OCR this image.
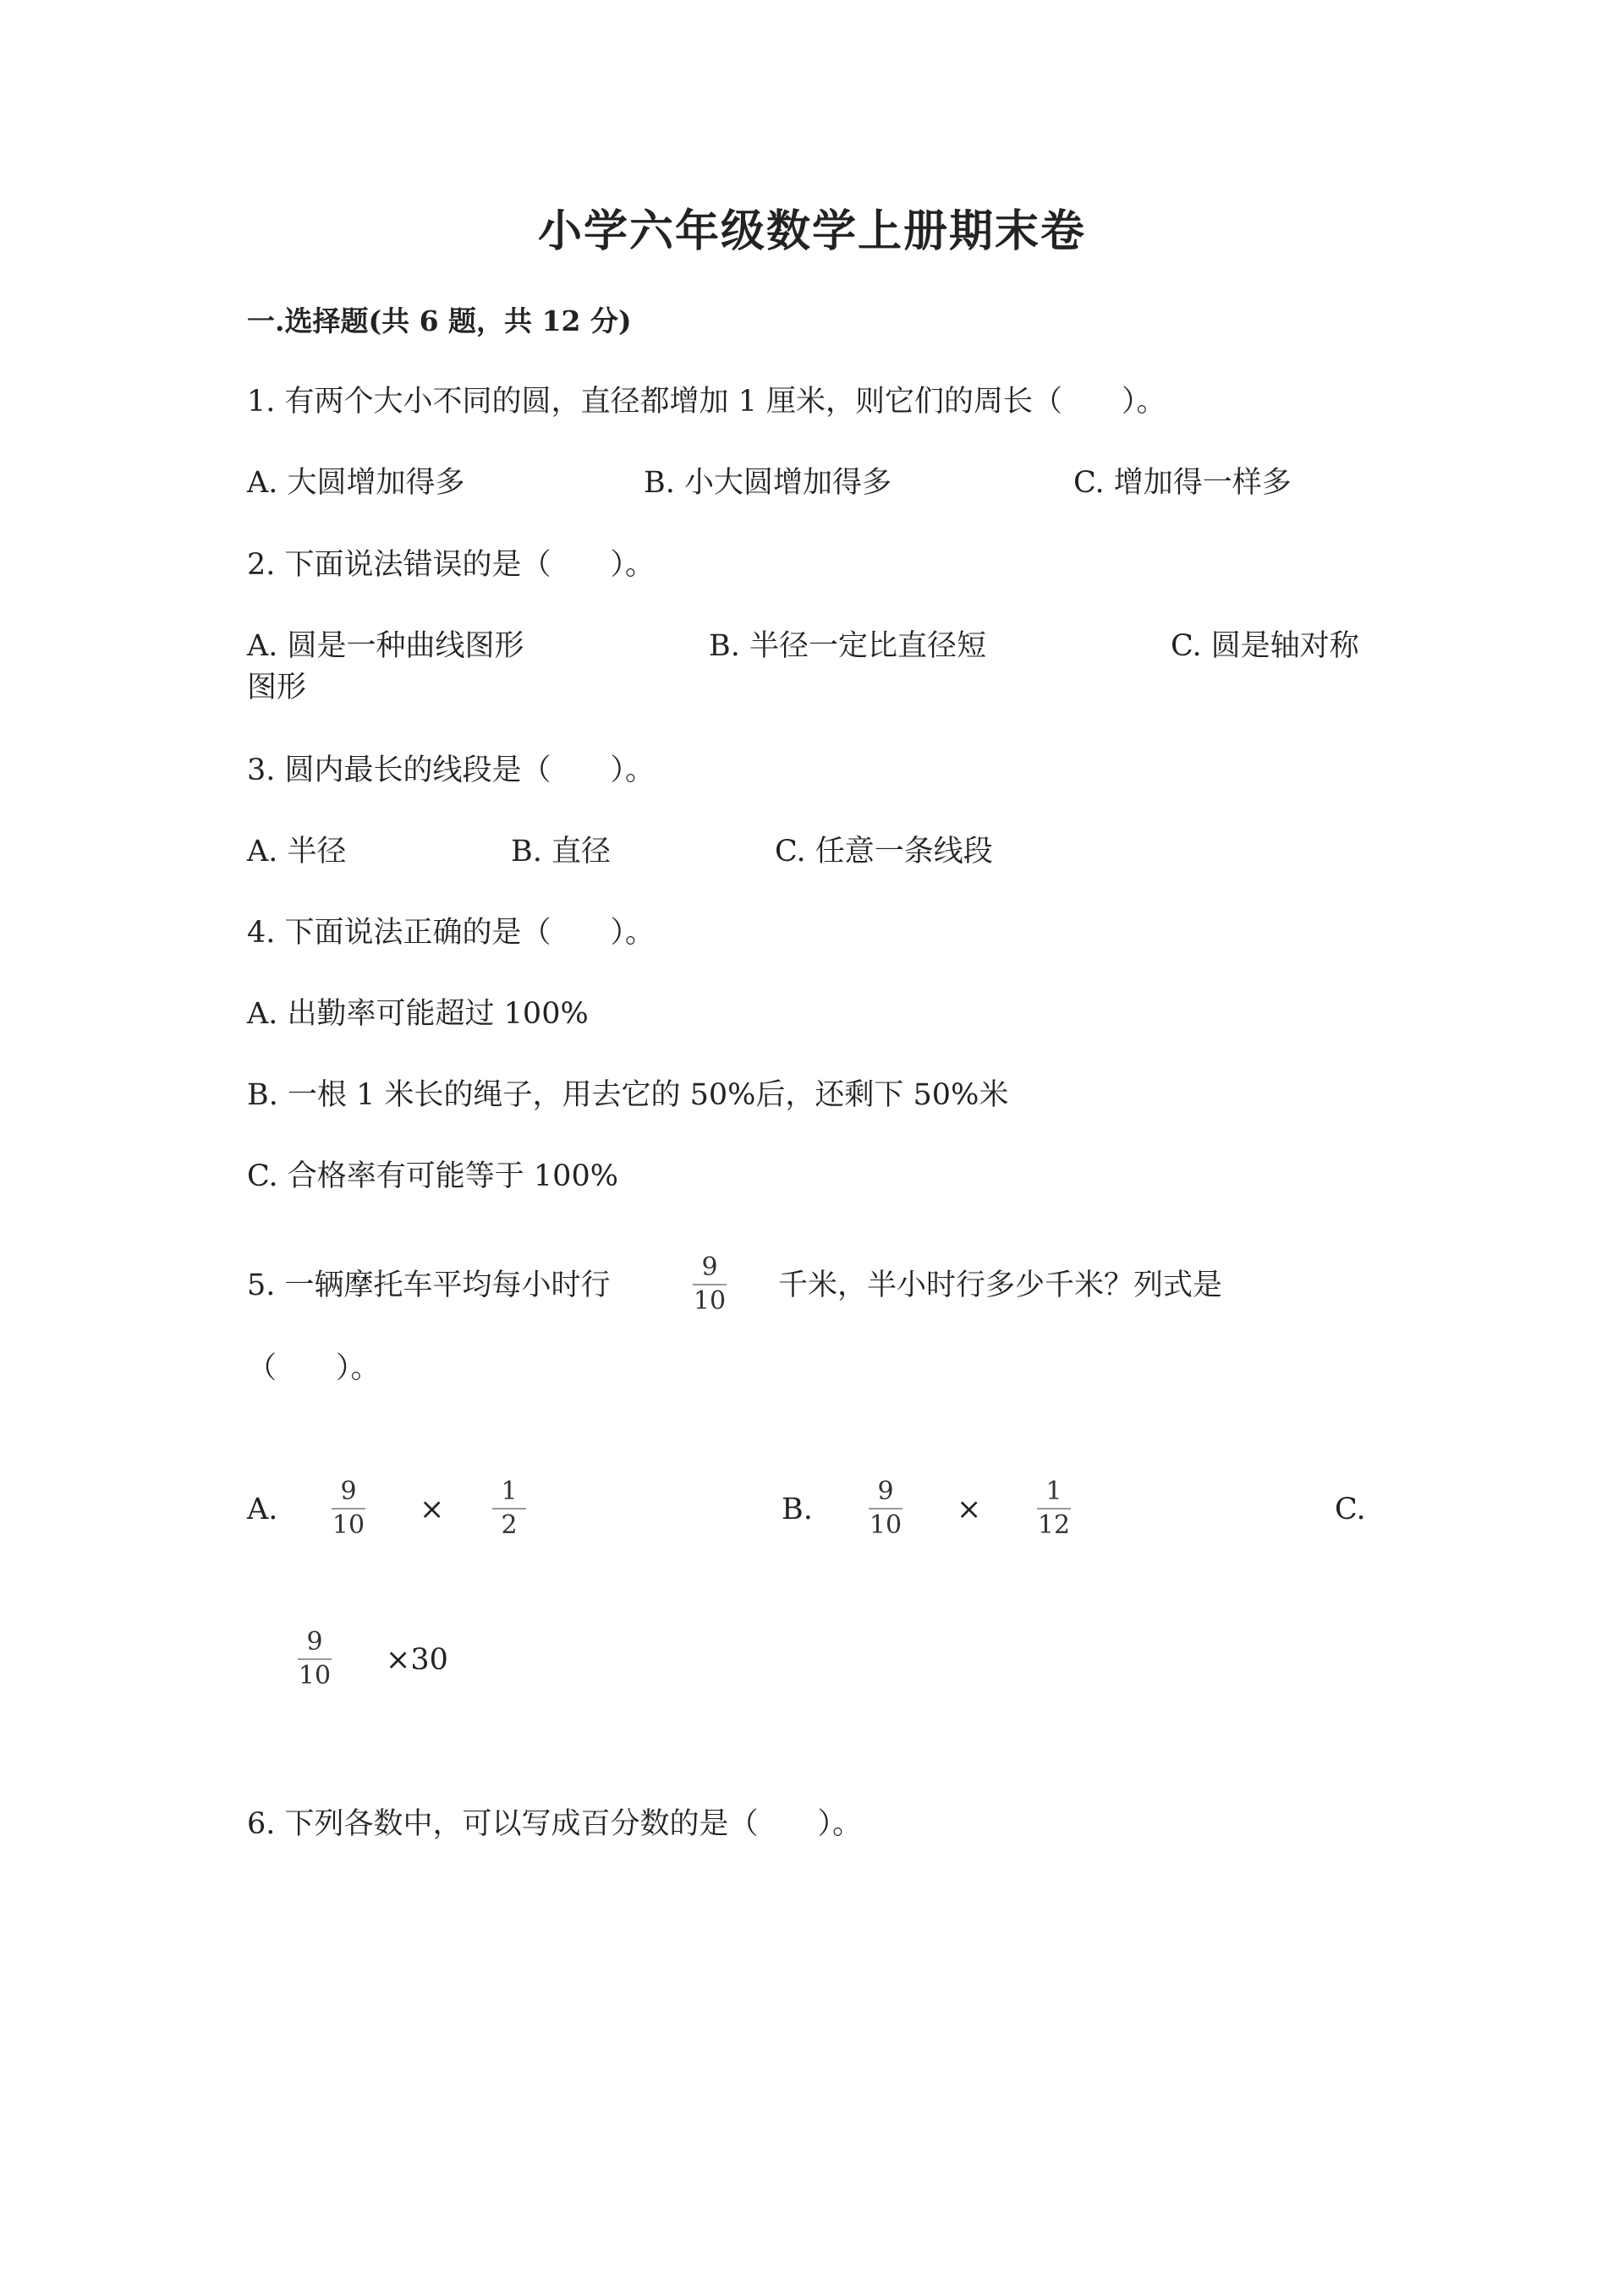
小学六年级数学上册期末卷
一.选择题(共 6 题，共 12 分)
1. 有两个大小不同的圆，直径都增加 1 厘米，则它们的周长（　　）。
A. 大圆增加得多	B. 小大圆增加得多	C. 增加得一样多
2. 下面说法错误的是（　　）。
A. 圆是一种曲线图形	B. 半径一定比直径短	C. 圆是轴对称
图形
3. 圆内最长的线段是（　　）。
A. 半径	B. 直径	C. 任意一条线段
4. 下面说法正确的是（　　）。
A. 出勤率可能超过 100%
B. 一根 1 米长的绳子，用去它的 50%后，还剩下 50%米
C. 合格率有可能等于 100%
5. 一辆摩托车平均每小时行
9
10 千米，半小时行多少千米？列式是
（　　）。
A.
9
10 ×
1
2	B.
9
10 ×
1
12	C.
9
10 ×30
6. 下列各数中，可以写成百分数的是（　　）。
